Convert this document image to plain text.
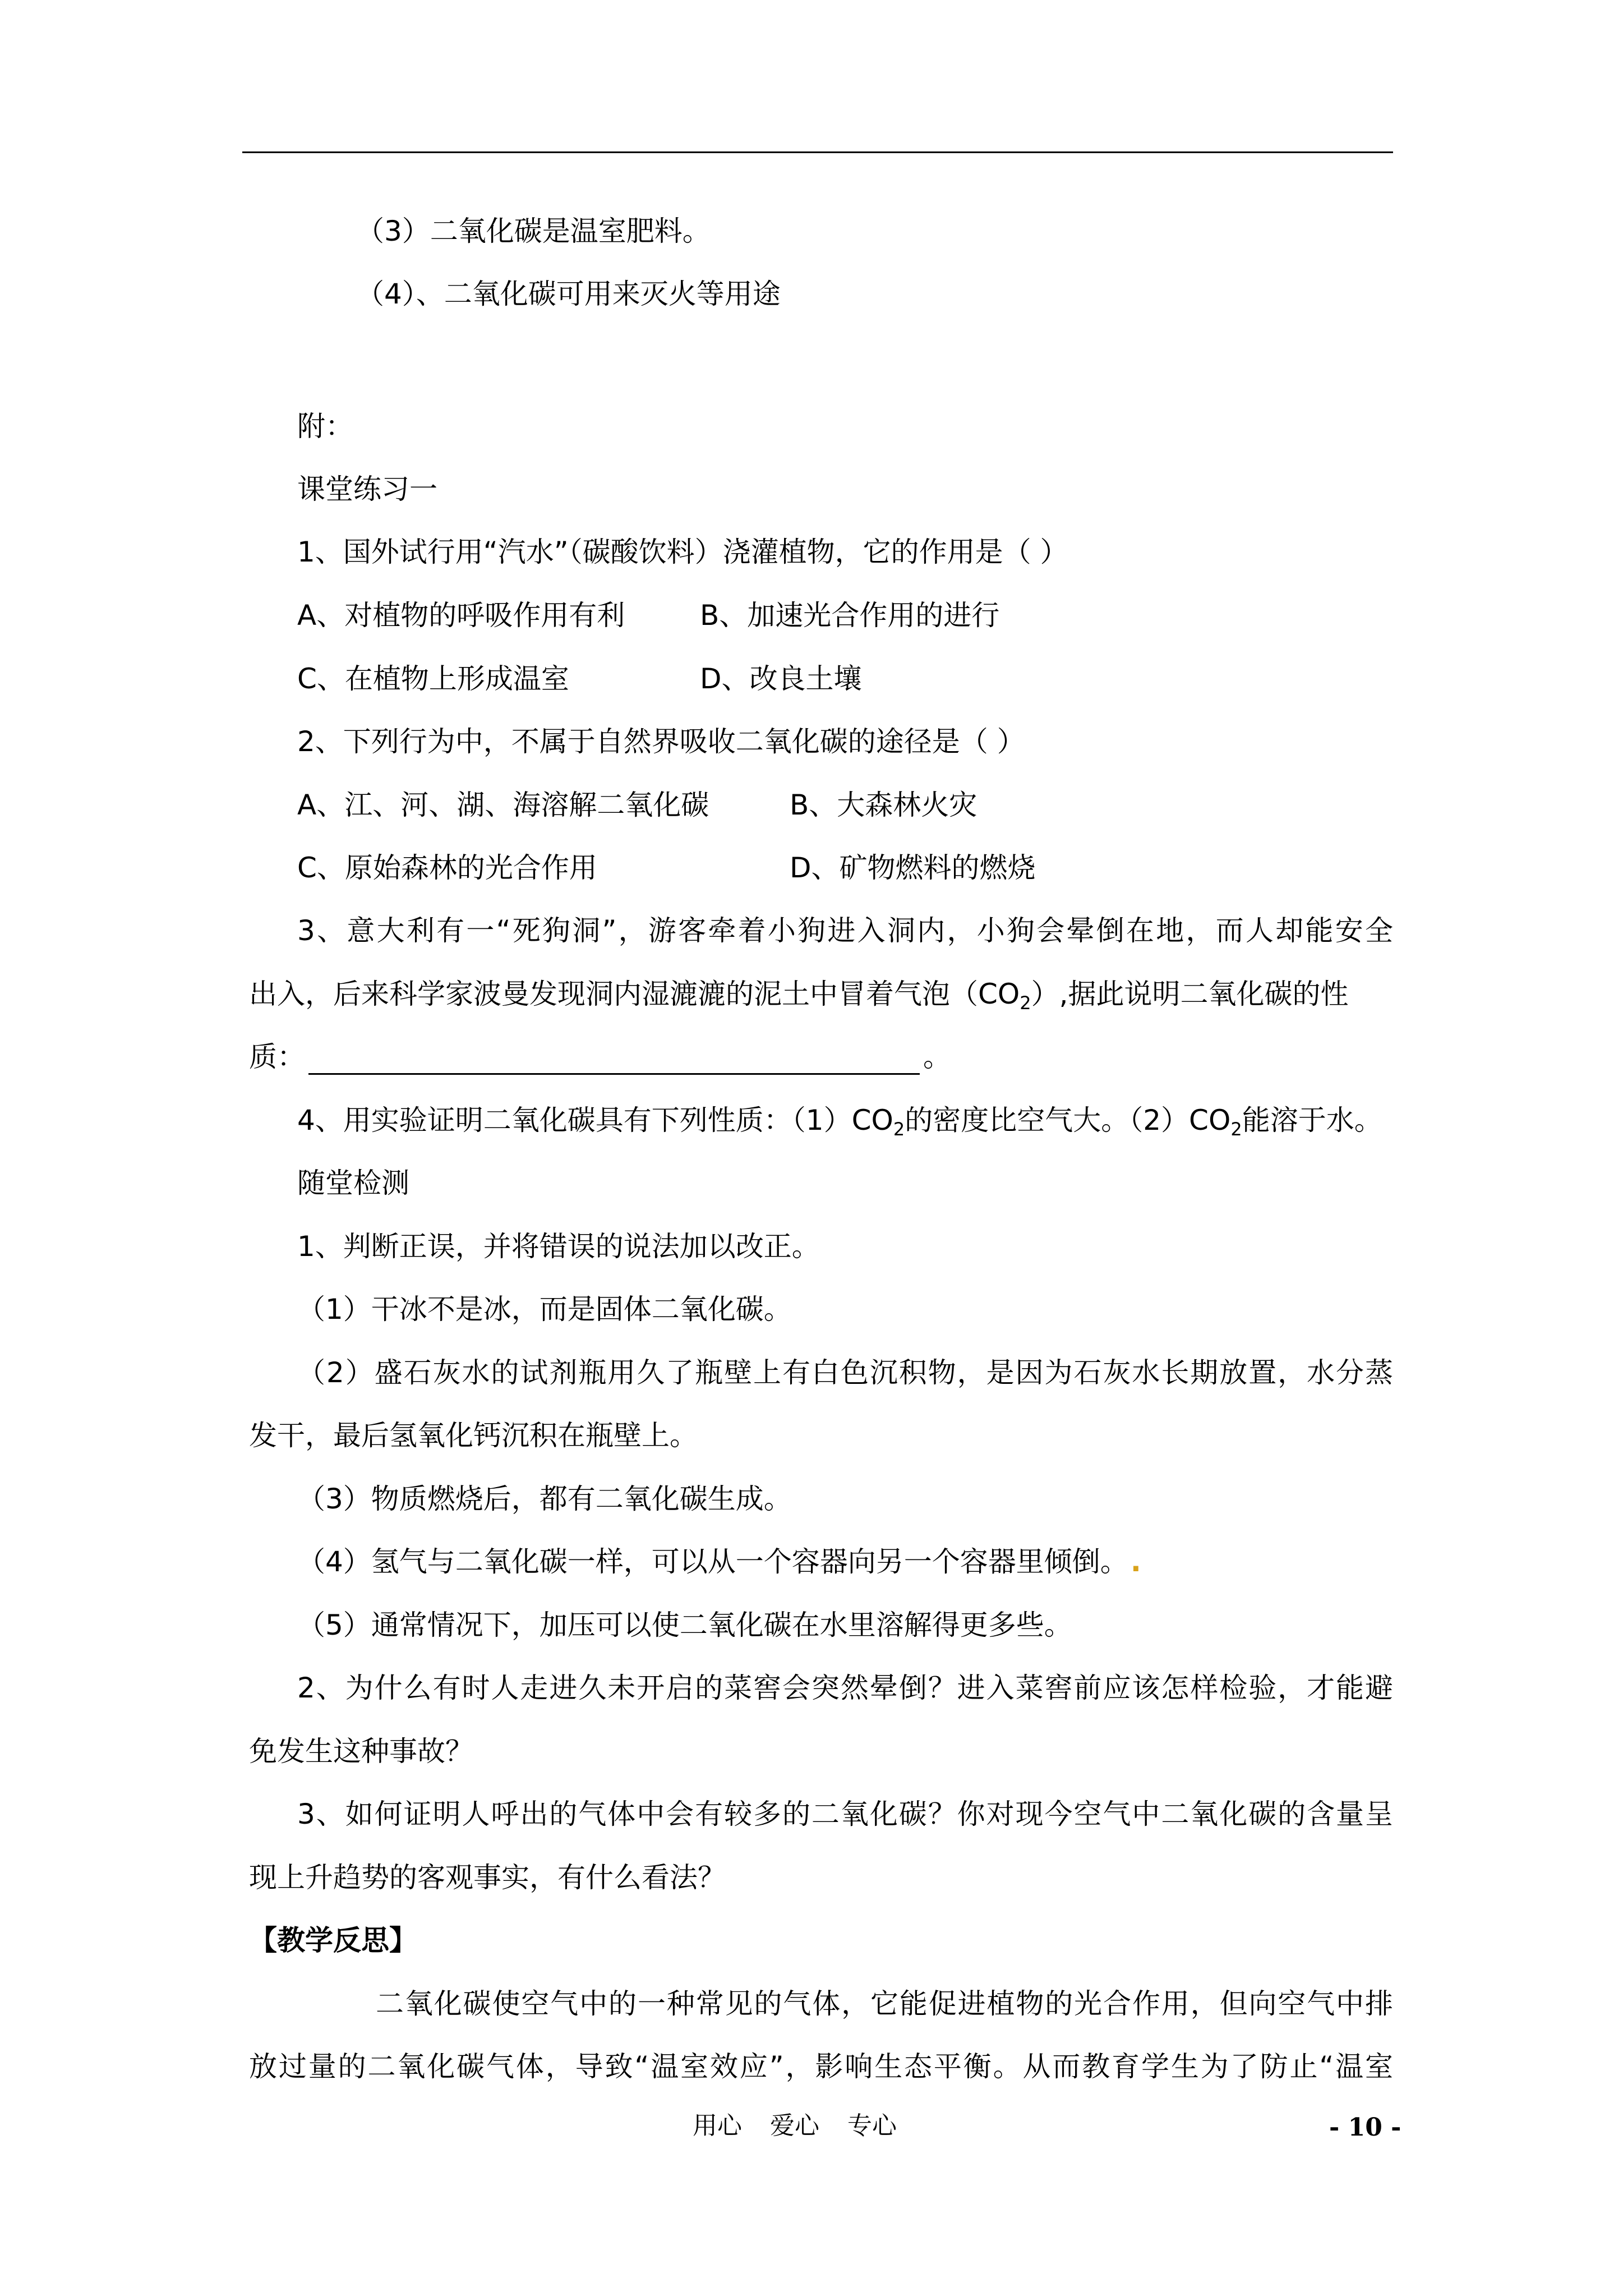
（3）二氧化碳是温室肥料。
（4）、二氧化碳可用来灭火等用途
附：
课堂练习一
1、国外试行用“汽水”（碳酸饮料）浇灌植物，它的作用是（ ）
A、对植物的呼吸作用有利	B、加速光合作用的进行
C、在植物上形成温室	D、改良土壤
2、下列行为中，不属于自然界吸收二氧化碳的途径是（ ）
A、江、河、湖、海溶解二氧化碳	B、大森林火灾
C、原始森林的光合作用	D、矿物燃料的燃烧
3、意大利有一“死狗洞”，游客牵着小狗进入洞内，小狗会晕倒在地，而人却能安全
出入，后来科学家波曼发现洞内湿漉漉的泥土中冒着气泡$(CO_2)$,据此说明二氧化碳的性
质：	。
4、用实验证明二氧化碳具有下列性质：$(1)CO_2$的密度比空气大。$(2)CO_2$能溶于水。
随堂检测
1、判断正误，并将错误的说法加以改正。
（1）干冰不是冰，而是固体二氧化碳。
（2）盛石灰水的试剂瓶用久了瓶壁上有白色沉积物，是因为石灰水长期放置，水分蒸
发干，最后氢氧化钙沉积在瓶壁上。
（3）物质燃烧后，都有二氧化碳生成。
（4）氢气与二氧化碳一样，可以从一个容器向另一个容器里倾倒。.
（5）通常情况下，加压可以使二氧化碳在水里溶解得更多些。
2、为什么有时人走进久未开启的菜窖会突然晕倒？进入菜窖前应该怎样检验，才能避
免发生这种事故？
3、如何证明人呼出的气体中会有较多的二氧化碳？你对现今空气中二氧化碳的含量呈
现上升趋势的客观事实，有什么看法？
【教学反思】
二氧化碳使空气中的一种常见的气体，它能促进植物的光合作用，但向空气中排
放过量的二氧化碳气体，导致“温室效应”，影响生态平衡。从而教育学生为了防止“温室
用心 爱心 专心	- 10 -
